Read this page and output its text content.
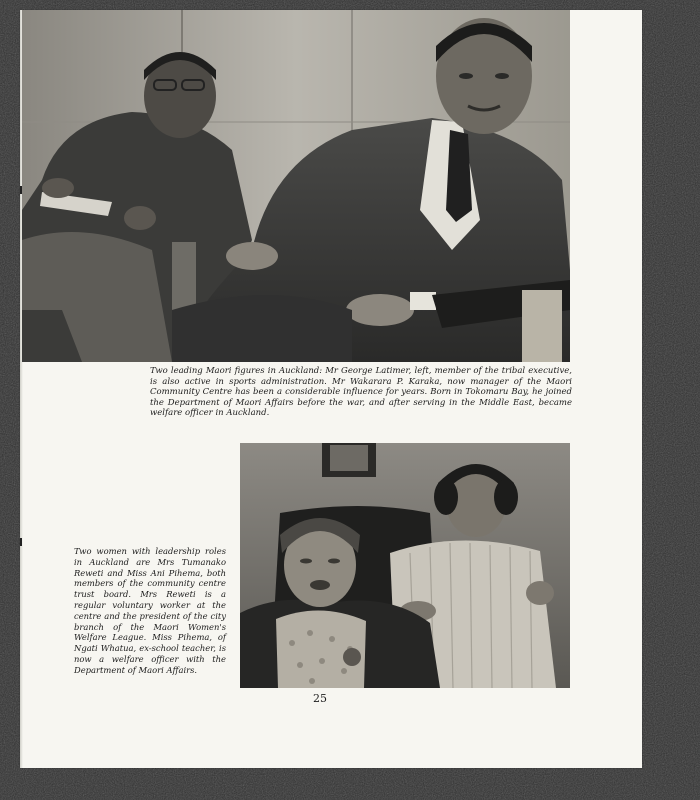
Two leading Maori figures in Auckland: Mr George Latimer, left, member of the tribal executive, is also active in sports administration. Mr Wakarara P. Karaka, now manager of the Maori Community Centre has been a considerable influence for years. Born in Tokomaru Bay, he joined the Department of Maori Affairs before the war, and after serving in the Middle East, became welfare officer in Auckland.

Two women with leadership roles in Auckland are Mrs Tumanako Reweti and Miss Ani Pihema, both members of the community centre trust board. Mrs Reweti is a regular voluntary worker at the centre and the president of the city branch of the Maori Women's Welfare League. Miss Pihema, of Ngati Whatua, ex-school teacher, is now a welfare officer with the Department of Maori Affairs.

25
